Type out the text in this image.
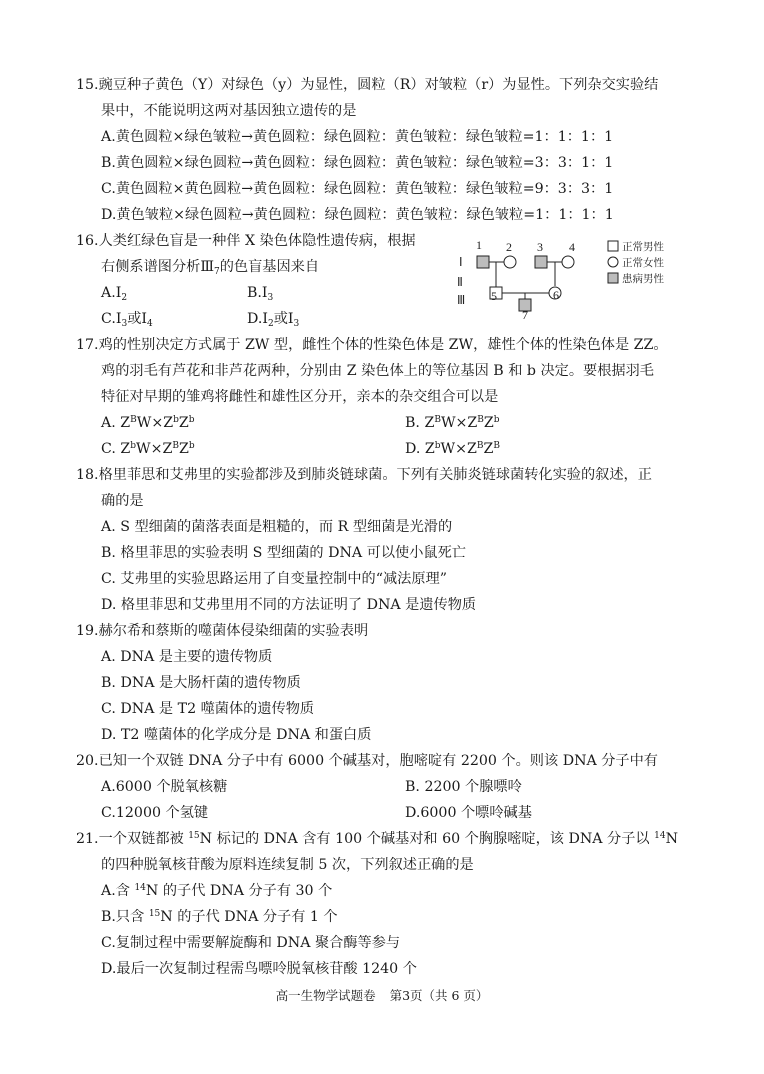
15.豌豆种子黄色（Y）对绿色（y）为显性，圆粒（R）对皱粒（r）为显性。下列杂交实验结
果中，不能说明这两对基因独立遗传的是
A.黄色圆粒×绿色皱粒→黄色圆粒：绿色圆粒：黄色皱粒：绿色皱粒=1：1：1：1
B.黄色圆粒×绿色圆粒→黄色圆粒：绿色圆粒：黄色皱粒：绿色皱粒=3：3：1：1
C.黄色圆粒×黄色圆粒→黄色圆粒：绿色圆粒：黄色皱粒：绿色皱粒=9：3：3：1
D.黄色皱粒×绿色圆粒→黄色圆粒：绿色圆粒：黄色皱粒：绿色皱粒=1：1：1：1
16.人类红绿色盲是一种伴 X 染色体隐性遗传病，根据
右侧系谱图分析$Ⅲ_7$的色盲基因来自
$A.I_2$	$B.I_3$
$C.I_3$或$I_4$	$D.I_2$或$I_3$
1 2 3 4
5	6
7
Ⅰ
Ⅱ
Ⅲ
正常男性
正常女性
患病男性
17.鸡的性别决定方式属于 ZW 型，雌性个体的性染色体是 ZW，雄性个体的性染色体是 ZZ。
鸡的羽毛有芦花和非芦花两种，分别由 Z 染色体上的等位基因 B 和 b 决定。要根据羽毛
特征对早期的雏鸡将雌性和雄性区分开，亲本的杂交组合可以是
A. $Z^BW\times Z^bZ^b$	B. $Z^BW\times Z^BZ^b$
C. $Z^bW\times Z^BZ^b$	D. $Z^bW\times Z^BZ^B$
18.格里菲思和艾弗里的实验都涉及到肺炎链球菌。下列有关肺炎链球菌转化实验的叙述，正
确的是
A. S 型细菌的菌落表面是粗糙的，而 R 型细菌是光滑的
B. 格里菲思的实验表明 S 型细菌的 DNA 可以使小鼠死亡
C. 艾弗里的实验思路运用了自变量控制中的“减法原理”
D. 格里菲思和艾弗里用不同的方法证明了 DNA 是遗传物质
19.赫尔希和蔡斯的噬菌体侵染细菌的实验表明
A. DNA 是主要的遗传物质
B. DNA 是大肠杆菌的遗传物质
C. DNA 是 T2 噬菌体的遗传物质
D. T2 噬菌体的化学成分是 DNA 和蛋白质
20.已知一个双链 DNA 分子中有 6000 个碱基对，胞嘧啶有 2200 个。则该 DNA 分子中有
A.6000 个脱氧核糖	B. 2200 个腺嘌呤
C.12000 个氢键	D.6000 个嘌呤碱基
21.一个双链都被 $^{15}$N 标记的 DNA 含有 100 个碱基对和 60 个胸腺嘧啶，该 DNA 分子以 $^{14}$N
的四种脱氧核苷酸为原料连续复制 5 次，下列叙述正确的是
A.含 $^{14}$N 的子代 DNA 分子有 30 个
B.只含 $^{15}$N 的子代 DNA 分子有 1 个
C.复制过程中需要解旋酶和 DNA 聚合酶等参与
D.最后一次复制过程需鸟嘌呤脱氧核苷酸 1240 个
高一生物学试题卷 第3页（共 6 页）
